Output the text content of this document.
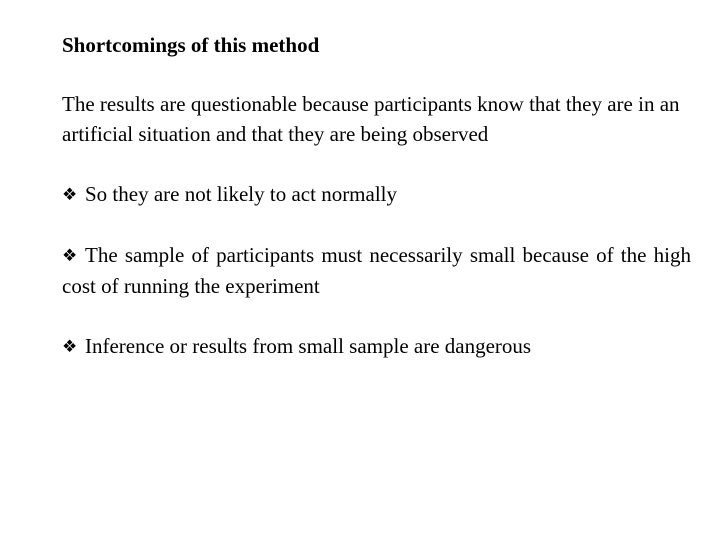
Shortcomings of this method

The results are questionable because participants know that they are in an artificial situation and that they are being observed

❖ So they are not likely to act normally

❖ The sample of participants must necessarily small because of the high cost of running the experiment

❖ Inference or results from small sample are dangerous
